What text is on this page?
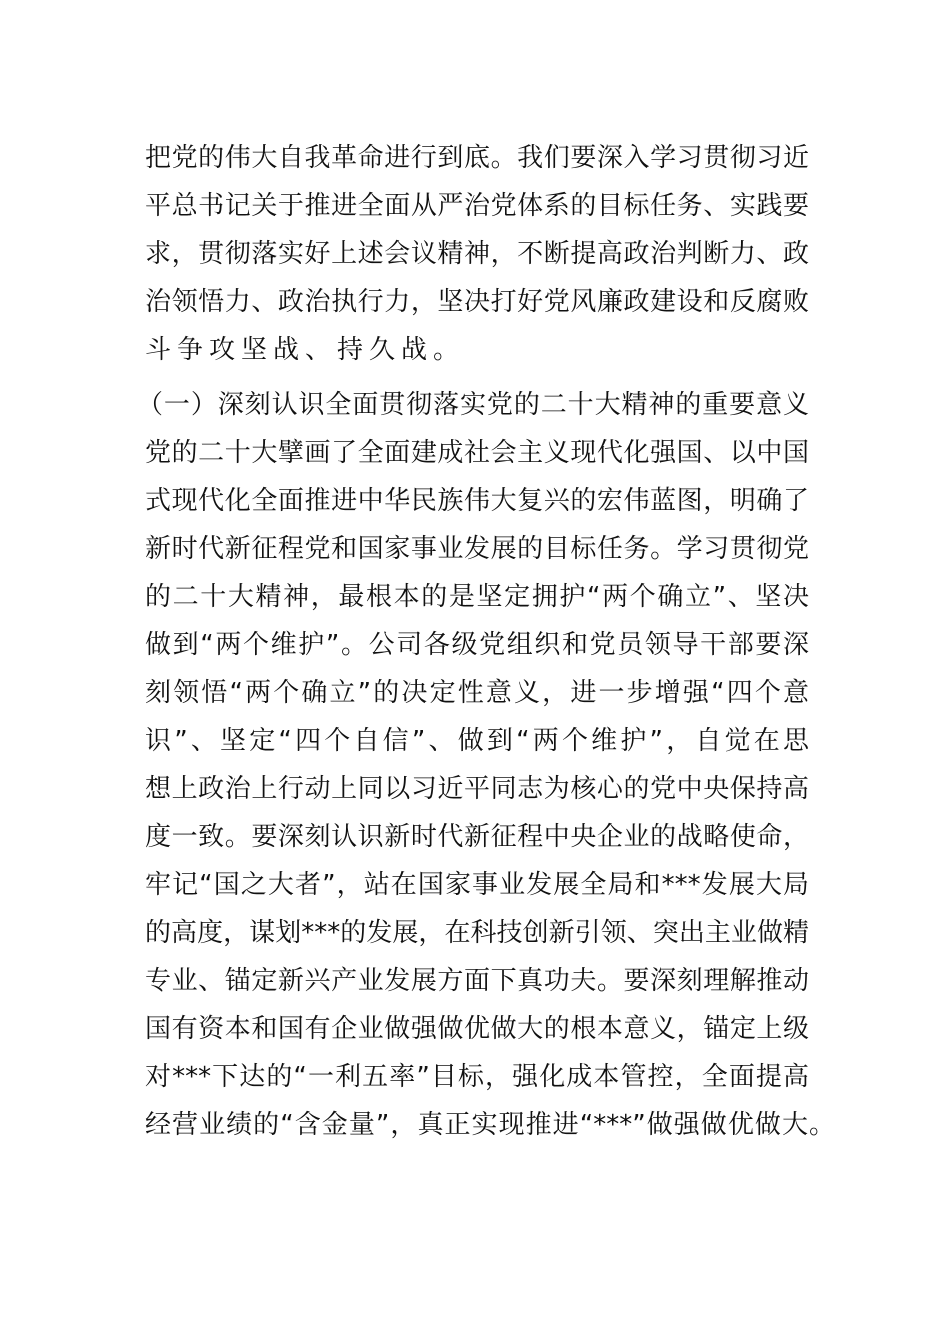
把党的伟大自我革命进行到底。我们要深入学习贯彻习近
平总书记关于推进全面从严治党体系的目标任务、实践要
求，贯彻落实好上述会议精神，不断提高政治判断力、政
治领悟力、政治执行力，坚决打好党风廉政建设和反腐败
斗争攻坚战、持久战。
（一）深刻认识全面贯彻落实党的二十大精神的重要意义
党的二十大擘画了全面建成社会主义现代化强国、以中国
式现代化全面推进中华民族伟大复兴的宏伟蓝图，明确了
新时代新征程党和国家事业发展的目标任务。学习贯彻党
的二十大精神，最根本的是坚定拥护“两个确立”、坚决
做到“两个维护”。公司各级党组织和党员领导干部要深
刻领悟“两个确立”的决定性意义，进一步增强“四个意
识”、坚定“四个自信”、做到“两个维护”，自觉在思
想上政治上行动上同以习近平同志为核心的党中央保持高
度一致。要深刻认识新时代新征程中央企业的战略使命，
牢记“国之大者”，站在国家事业发展全局和***发展大局
的高度，谋划***的发展，在科技创新引领、突出主业做精
专业、锚定新兴产业发展方面下真功夫。要深刻理解推动
国有资本和国有企业做强做优做大的根本意义，锚定上级
对***下达的“一利五率”目标，强化成本管控，全面提高
经营业绩的“含金量”，真正实现推进“***”做强做优做大。
